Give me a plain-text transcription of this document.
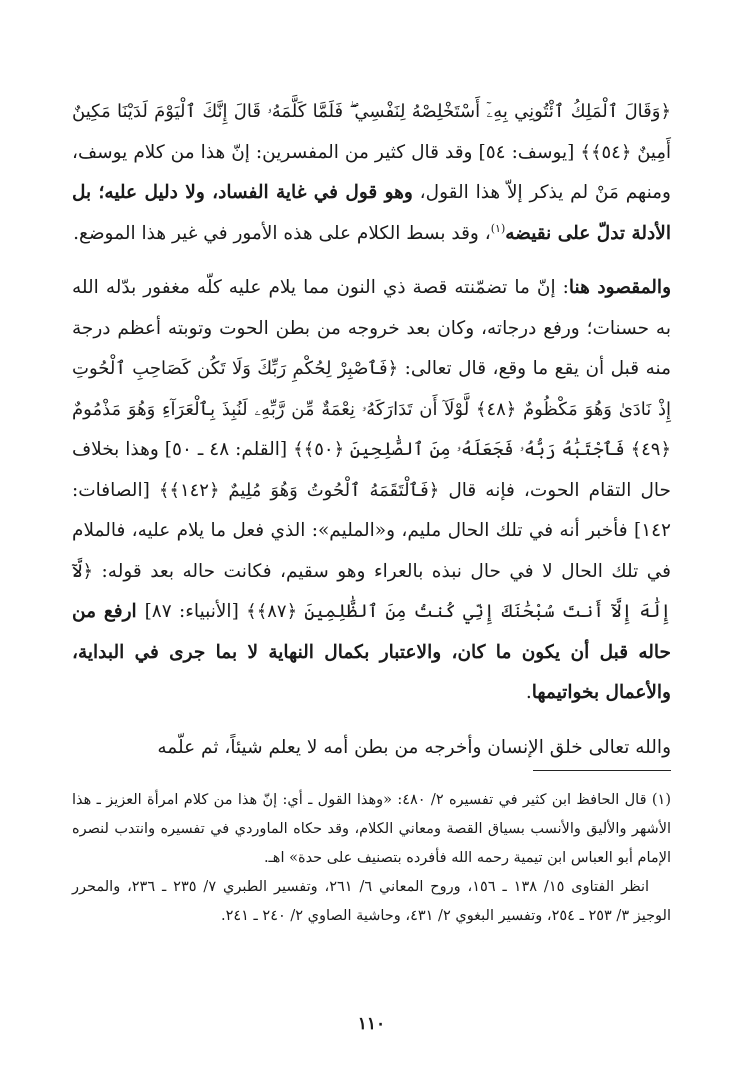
﴿وَقَالَ ٱلْمَلِكُ ٱئْتُونِي بِهِۦٓ أَسْتَخْلِصْهُ لِنَفْسِي ۖ فَلَمَّا كَلَّمَهُۥ قَالَ إِنَّكَ ٱلْيَوْمَ لَدَيْنَا مَكِينٌ أَمِينٌ ﴿٥٤﴾﴾ [يوسف: ٥٤] وقد قال كثير من المفسرين: إنّ هذا من كلام يوسف، ومنهم مَنْ لم يذكر إلاّ هذا القول، وهو قول في غاية الفساد، ولا دليل عليه؛ بل الأدلة تدلّ على نقيضه$^{(١)}$، وقد بسط الكلام على هذه الأمور في غير هذا الموضع.

والمقصود هنا: إنّ ما تضمّنته قصة ذي النون مما يلام عليه كلّه مغفور بدّله الله به حسنات؛ ورفع درجاته، وكان بعد خروجه من بطن الحوت وتوبته أعظم درجة منه قبل أن يقع ما وقع، قال تعالى: ﴿فَٱصْبِرْ لِحُكْمِ رَبِّكَ وَلَا تَكُن كَصَاحِبِ ٱلْحُوتِ إِذْ نَادَىٰ وَهُوَ مَكْظُومٌ ﴿٤٨﴾ لَّوْلَآ أَن تَدَارَكَهُۥ نِعْمَةٌ مِّن رَّبِّهِۦ لَنُبِذَ بِٱلْعَرَآءِ وَهُوَ مَذْمُومٌ ﴿٤٩﴾ فَٱجْتَبَٰهُ رَبُّهُۥ فَجَعَلَهُۥ مِنَ ٱلصَّٰلِحِينَ ﴿٥٠﴾﴾ [القلم: ٤٨ ـ ٥٠] وهذا بخلاف حال التقام الحوت، فإنه قال ﴿فَٱلْتَقَمَهُ ٱلْحُوتُ وَهُوَ مُلِيمٌ ﴿١٤٢﴾﴾ [الصافات: ١٤٢] فأخبر أنه في تلك الحال مليم، و«المليم»: الذي فعل ما يلام عليه، فالملام في تلك الحال لا في حال نبذه بالعراء وهو سقيم، فكانت حاله بعد قوله: ﴿لَّآ إِلَٰهَ إِلَّآ أَنتَ سُبْحَٰنَكَ إِنِّي كُنتُ مِنَ ٱلظَّٰلِمِينَ ﴿٨٧﴾﴾ [الأنبياء: ٨٧] ارفع من حاله قبل أن يكون ما كان، والاعتبار بكمال النهاية لا بما جرى في البداية، والأعمال بخواتيمها.

والله تعالى خلق الإنسان وأخرجه من بطن أمه لا يعلم شيئاً، ثم علّمه

(١) قال الحافظ ابن كثير في تفسيره ٢/ ٤٨٠: «وهذا القول ـ أي: إنّ هذا من كلام امرأة العزيز ـ هذا الأشهر والأليق والأنسب بسياق القصة ومعاني الكلام، وقد حكاه الماوردي في تفسيره وانتدب لنصره الإمام أبو العباس ابن تيمية رحمه الله فأفرده بتصنيف على حدة» اهـ.

انظر الفتاوى ١٥/ ١٣٨ ـ ١٥٦، وروح المعاني ٦/ ٢٦١، وتفسير الطبري ٧/ ٢٣٥ ـ ٢٣٦، والمحرر الوجيز ٣/ ٢٥٣ ـ ٢٥٤، وتفسير البغوي ٢/ ٤٣١، وحاشية الصاوي ٢/ ٢٤٠ ـ ٢٤١.

١١٠
